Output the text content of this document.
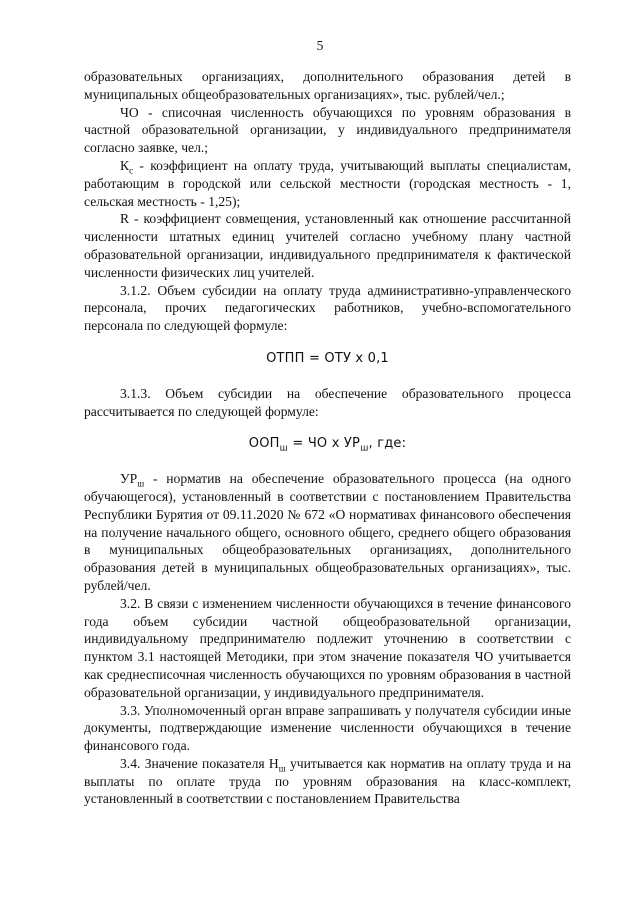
5

образовательных организациях, дополнительного образования детей в муниципальных общеобразовательных организациях», тыс. рублей/чел.;

ЧО - списочная численность обучающихся по уровням образования в частной образовательной организации, у индивидуального предпринимателя согласно заявке, чел.;

$К_с$ - коэффициент на оплату труда, учитывающий выплаты специалистам, работающим в городской или сельской местности (городская местность - 1, сельская местность - 1,25);

R - коэффициент совмещения, установленный как отношение рассчитанной численности штатных единиц учителей согласно учебному плану частной образовательной организации, индивидуального предпринимателя к фактической численности физических лиц учителей.

3.1.2. Объем субсидии на оплату труда административно-управленческого персонала, прочих педагогических работников, учебно-вспомогательного персонала по следующей формуле:

ОТПП = ОТУ х 0,1

3.1.3. Объем субсидии на обеспечение образовательного процесса рассчитывается по следующей формуле:

$ООП_ш$ = ЧО х $УР_ш$, где:

$УР_ш$ - норматив на обеспечение образовательного процесса (на одного обучающегося), установленный в соответствии с постановлением Правительства Республики Бурятия от 09.11.2020 № 672 «О нормативах финансового обеспечения на получение начального общего, основного общего, среднего общего образования в муниципальных общеобразовательных организациях, дополнительного образования детей в муниципальных общеобразовательных организациях», тыс. рублей/чел.

3.2. В связи с изменением численности обучающихся в течение финансового года объем субсидии частной общеобразовательной организации, индивидуальному предпринимателю подлежит уточнению в соответствии с пунктом 3.1 настоящей Методики, при этом значение показателя ЧО учитывается как среднесписочная численность обучающихся по уровням образования в частной образовательной организации, у индивидуального предпринимателя.

3.3. Уполномоченный орган вправе запрашивать у получателя субсидии иные документы, подтверждающие изменение численности обучающихся в течение финансового года.

3.4. Значение показателя $Н_ш$ учитывается как норматив на оплату труда и на выплаты по оплате труда по уровням образования на класс-комплект, установленный в соответствии с постановлением Правительства
